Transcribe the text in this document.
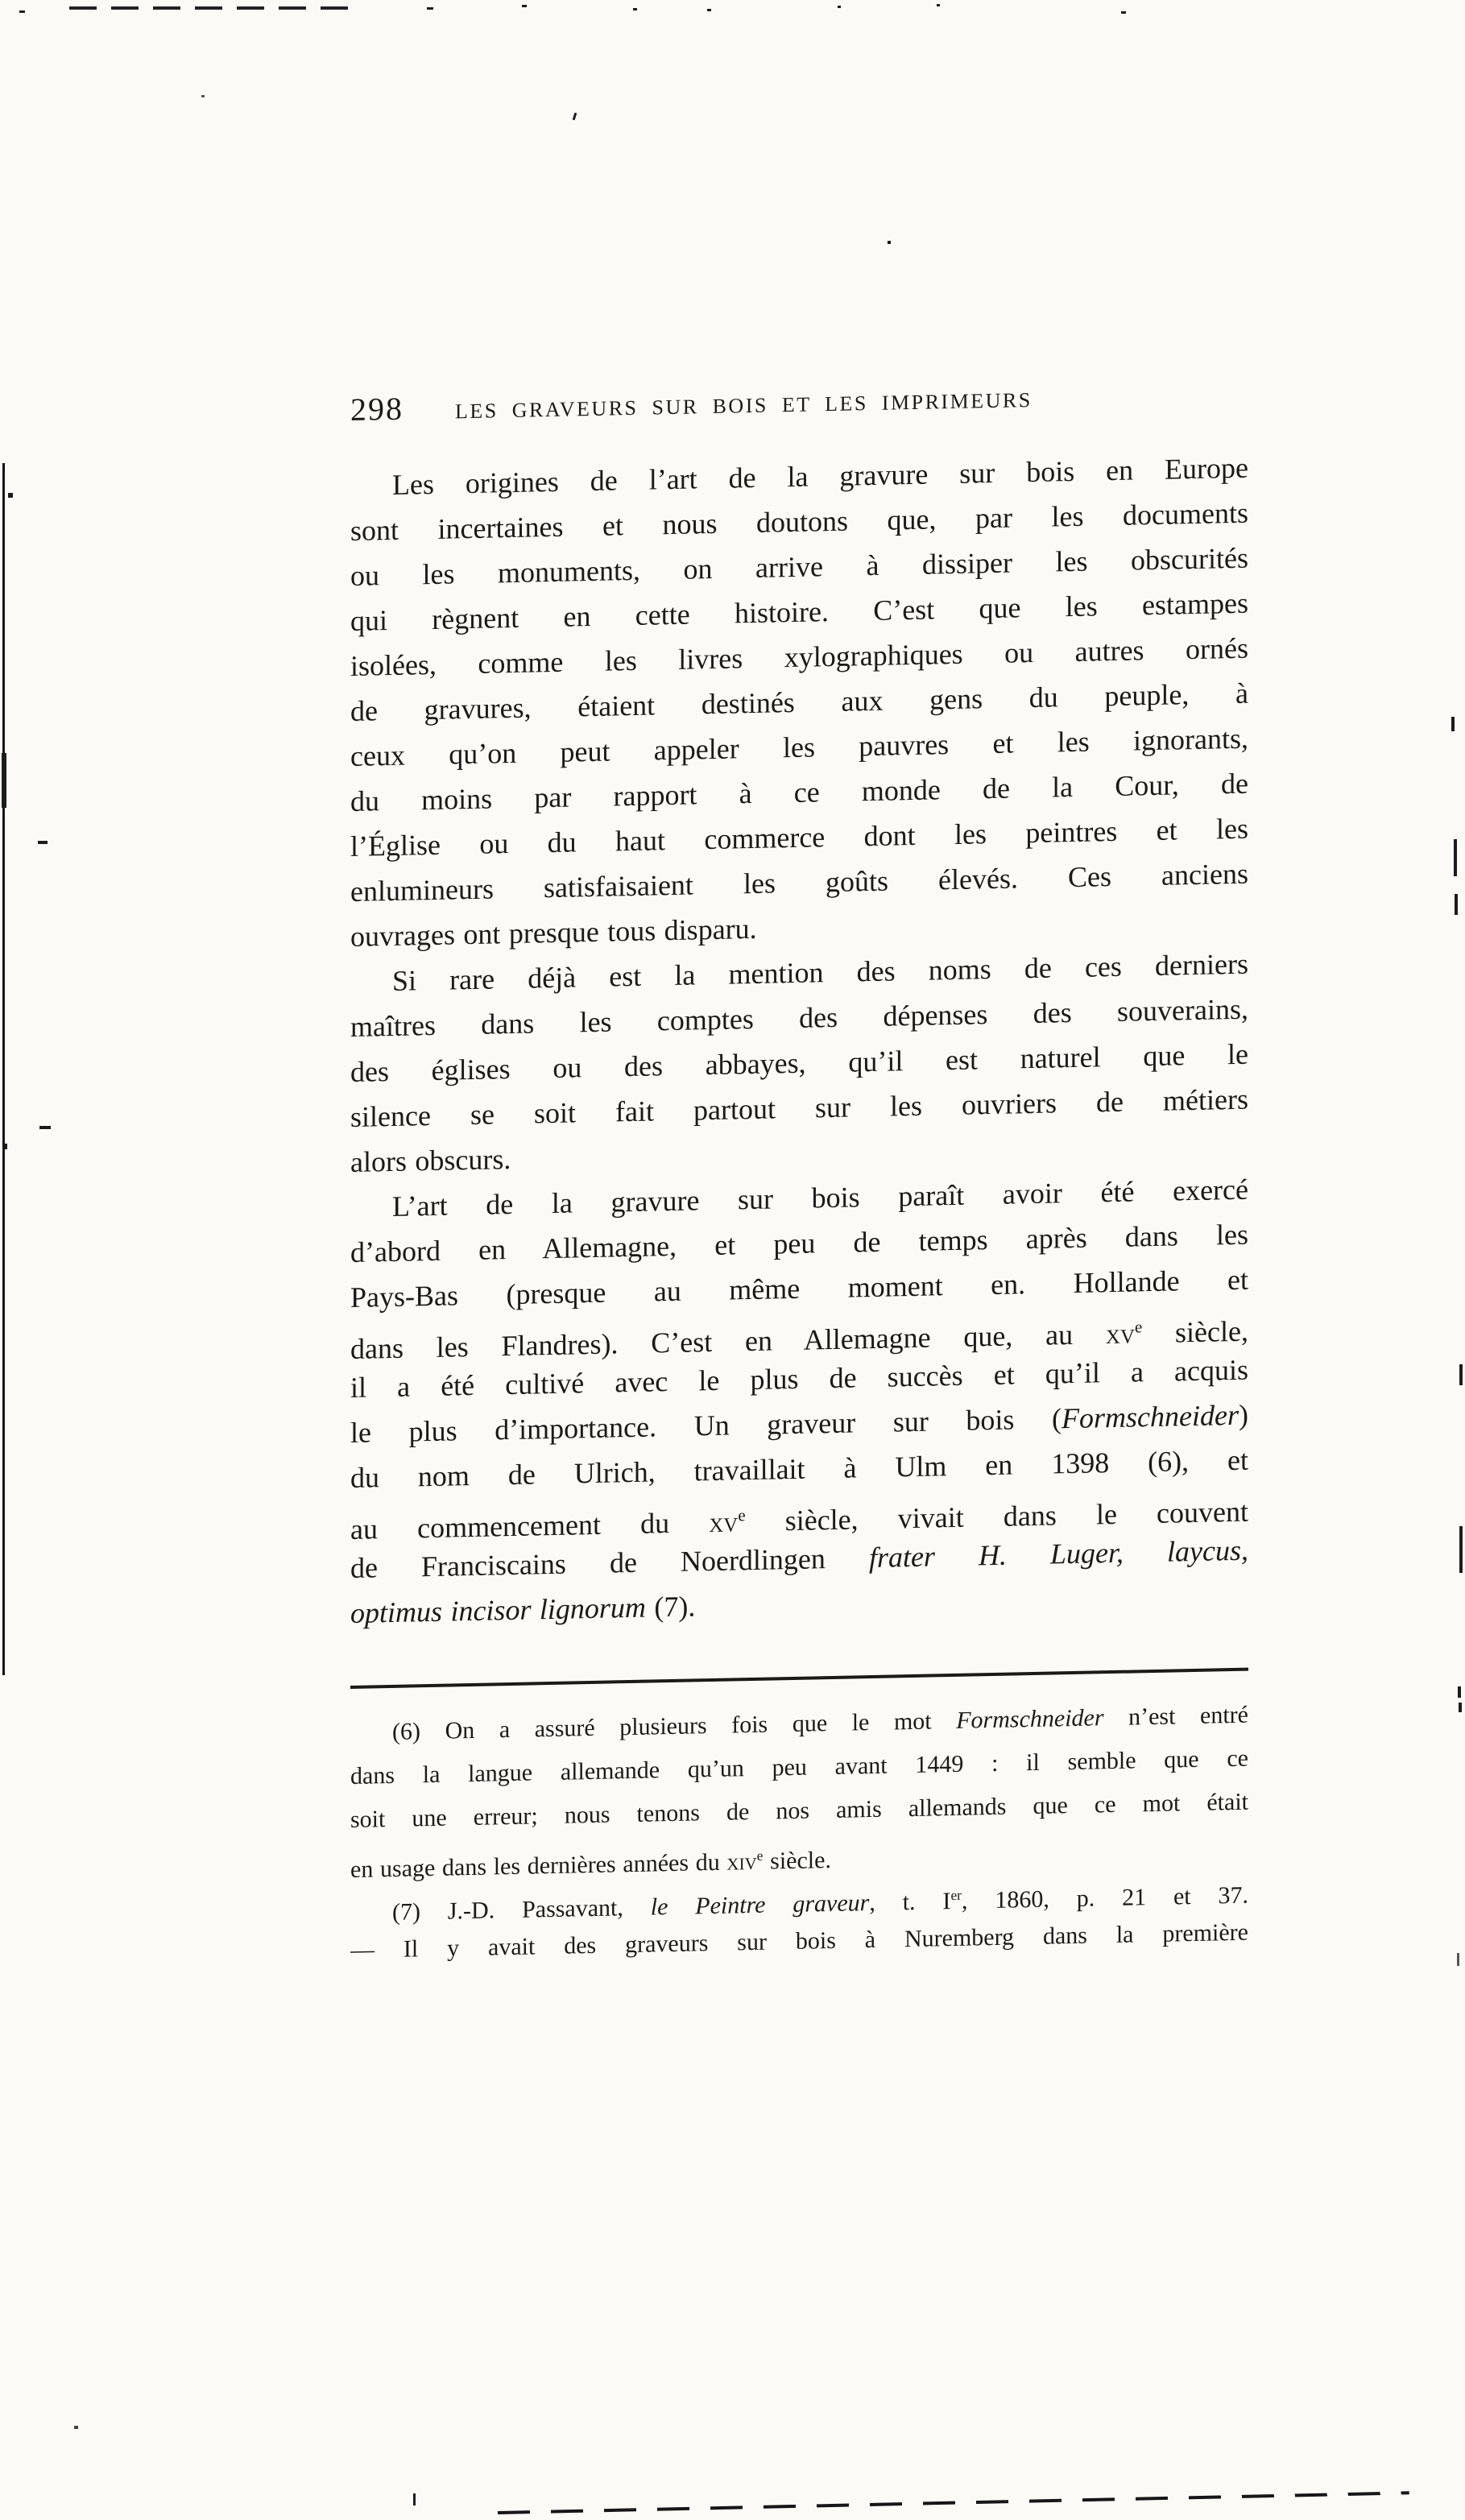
298 LES GRAVEURS SUR BOIS ET LES IMPRIMEURS
Les origines de l’art de la gravure sur bois en Europe
sont incertaines et nous doutons que, par les documents
ou les monuments, on arrive à dissiper les obscurités
qui règnent en cette histoire. C’est que les estampes
isolées, comme les livres xylographiques ou autres ornés
de gravures, étaient destinés aux gens du peuple, à
ceux qu’on peut appeler les pauvres et les ignorants,
du moins par rapport à ce monde de la Cour, de
l’Église ou du haut commerce dont les peintres et les
enlumineurs satisfaisaient les goûts élevés. Ces anciens
ouvrages ont presque tous disparu.
Si rare déjà est la mention des noms de ces derniers
maîtres dans les comptes des dépenses des souverains,
des églises ou des abbayes, qu’il est naturel que le
silence se soit fait partout sur les ouvriers de métiers
alors obscurs.
L’art de la gravure sur bois paraît avoir été exercé
d’abord en Allemagne, et peu de temps après dans les
Pays-Bas (presque au même moment en. Hollande et
dans les Flandres). C’est en Allemagne que, au $xv^e$ siècle,
il a été cultivé avec le plus de succès et qu’il a acquis
le plus d’importance. Un graveur sur bois (Formschneider)
du nom de Ulrich, travaillait à Ulm en 1398 (6), et
au commencement du $xv^e$ siècle, vivait dans le couvent
de Franciscains de Noerdlingen frater H. Luger, laycus,
optimus incisor lignorum (7).
(6) On a assuré plusieurs fois que le mot Formschneider n’est entré
dans la langue allemande qu’un peu avant 1449 : il semble que ce
soit une erreur; nous tenons de nos amis allemands que ce mot était
en usage dans les dernières années du xiv$^e$ siècle.
(7) J.-D. Passavant, le Peintre graveur, t. Ier, 1860, p. 21 et 37.
— Il y avait des graveurs sur bois à Nuremberg dans la première
